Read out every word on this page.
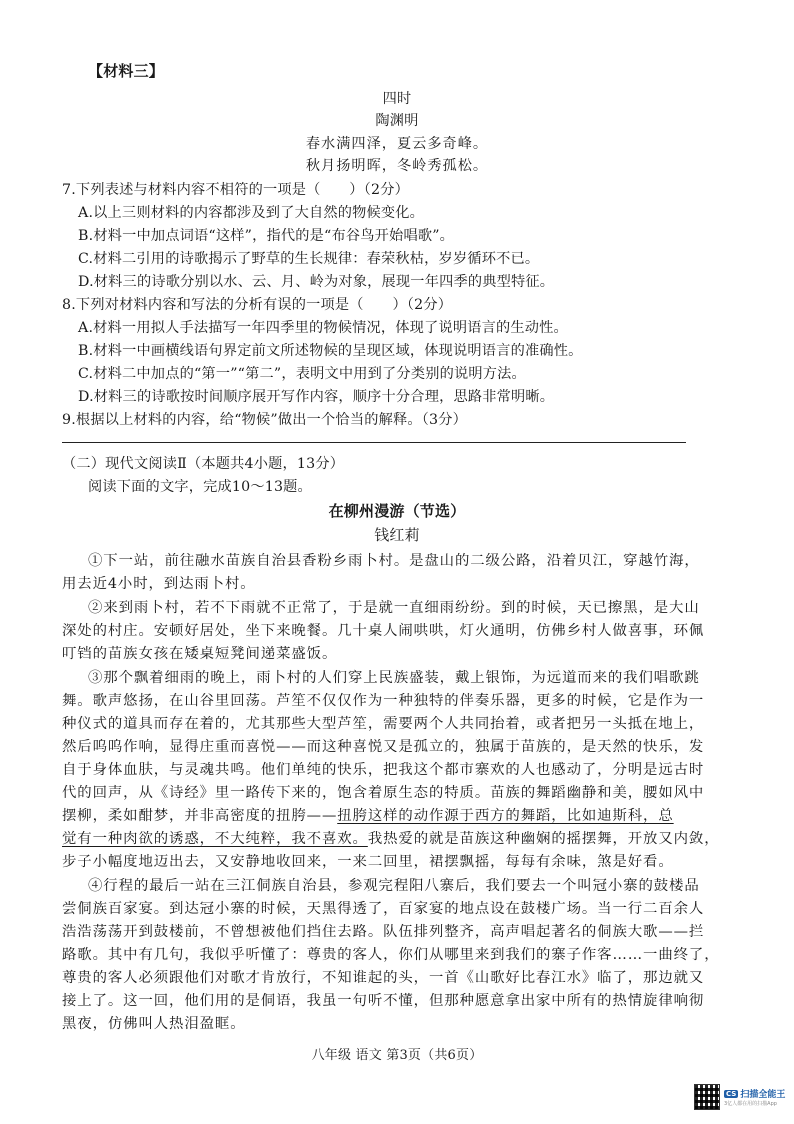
【材料三】
四时
陶渊明
春水满四泽，夏云多奇峰。
秋月扬明晖，冬岭秀孤松。
7.下列表述与材料内容不相符的一项是（　　）（2分）
A.以上三则材料的内容都涉及到了大自然的物候变化。
B.材料一中加点词语“这样”，指代的是“布谷鸟开始唱歌”。
C.材料二引用的诗歌揭示了野草的生长规律：春荣秋枯，岁岁循环不已。
D.材料三的诗歌分别以水、云、月、岭为对象，展现一年四季的典型特征。
8.下列对材料内容和写法的分析有误的一项是（　　）（2分）
A.材料一用拟人手法描写一年四季里的物候情况，体现了说明语言的生动性。
B.材料一中画横线语句界定前文所述物候的呈现区域，体现说明语言的准确性。
C.材料二中加点的“第一”“第二”，表明文中用到了分类别的说明方法。
D.材料三的诗歌按时间顺序展开写作内容，顺序十分合理，思路非常明晰。
9.根据以上材料的内容，给“物候”做出一个恰当的解释。（3分）
（二）现代文阅读Ⅱ（本题共4小题，13分）
阅读下面的文字，完成10～13题。
在柳州漫游（节选）
钱红莉
①下一站，前往融水苗族自治县香粉乡雨卜村。是盘山的二级公路，沿着贝江，穿越竹海，
用去近4小时，到达雨卜村。
②来到雨卜村，若不下雨就不正常了，于是就一直细雨纷纷。到的时候，天已擦黑，是大山
深处的村庄。安顿好居处，坐下来晚餐。几十桌人闹哄哄，灯火通明，仿佛乡村人做喜事，环佩
叮铛的苗族女孩在矮桌短凳间递菜盛饭。
③那个飘着细雨的晚上，雨卜村的人们穿上民族盛装，戴上银饰，为远道而来的我们唱歌跳
舞。歌声悠扬，在山谷里回荡。芦笙不仅仅作为一种独特的伴奏乐器，更多的时候，它是作为一
种仪式的道具而存在着的，尤其那些大型芦笙，需要两个人共同抬着，或者把另一头抵在地上，
然后呜呜作响，显得庄重而喜悦——而这种喜悦又是孤立的，独属于苗族的，是天然的快乐，发
自于身体血肤，与灵魂共鸣。他们单纯的快乐，把我这个都市寨欢的人也感动了，分明是远古时
代的回声，从《诗经》里一路传下来的，饱含着原生态的特质。苗族的舞蹈幽静和美，腰如风中
摆柳，柔如酣梦，并非高密度的扭胯——扭胯这样的动作源于西方的舞蹈，比如迪斯科，总
觉有一种肉欲的诱惑，不大纯粹，我不喜欢。我热爱的就是苗族这种幽娴的摇摆舞，开放又内敛，
步子小幅度地迈出去，又安静地收回来，一来二回里，裙摆飘摇，每每有余味，煞是好看。
④行程的最后一站在三江侗族自治县，参观完程阳八寨后，我们要去一个叫冠小寨的鼓楼品
尝侗族百家宴。到达冠小寨的时候，天黑得透了，百家宴的地点设在鼓楼广场。当一行二百余人
浩浩荡荡开到鼓楼前，不曾想被他们挡住去路。队伍排列整齐，高声唱起著名的侗族大歌——拦
路歌。其中有几句，我似乎听懂了：尊贵的客人，你们从哪里来到我们的寨子作客……一曲终了，
尊贵的客人必须跟他们对歌才肯放行，不知谁起的头，一首《山歌好比春江水》临了，那边就又
接上了。这一回，他们用的是侗语，我虽一句听不懂，但那种愿意拿出家中所有的热情旋律响彻
黑夜，仿佛叫人热泪盈眶。
八年级 语文 第3页（共6页）
CS 扫描全能王
3亿人都在用的扫描App
